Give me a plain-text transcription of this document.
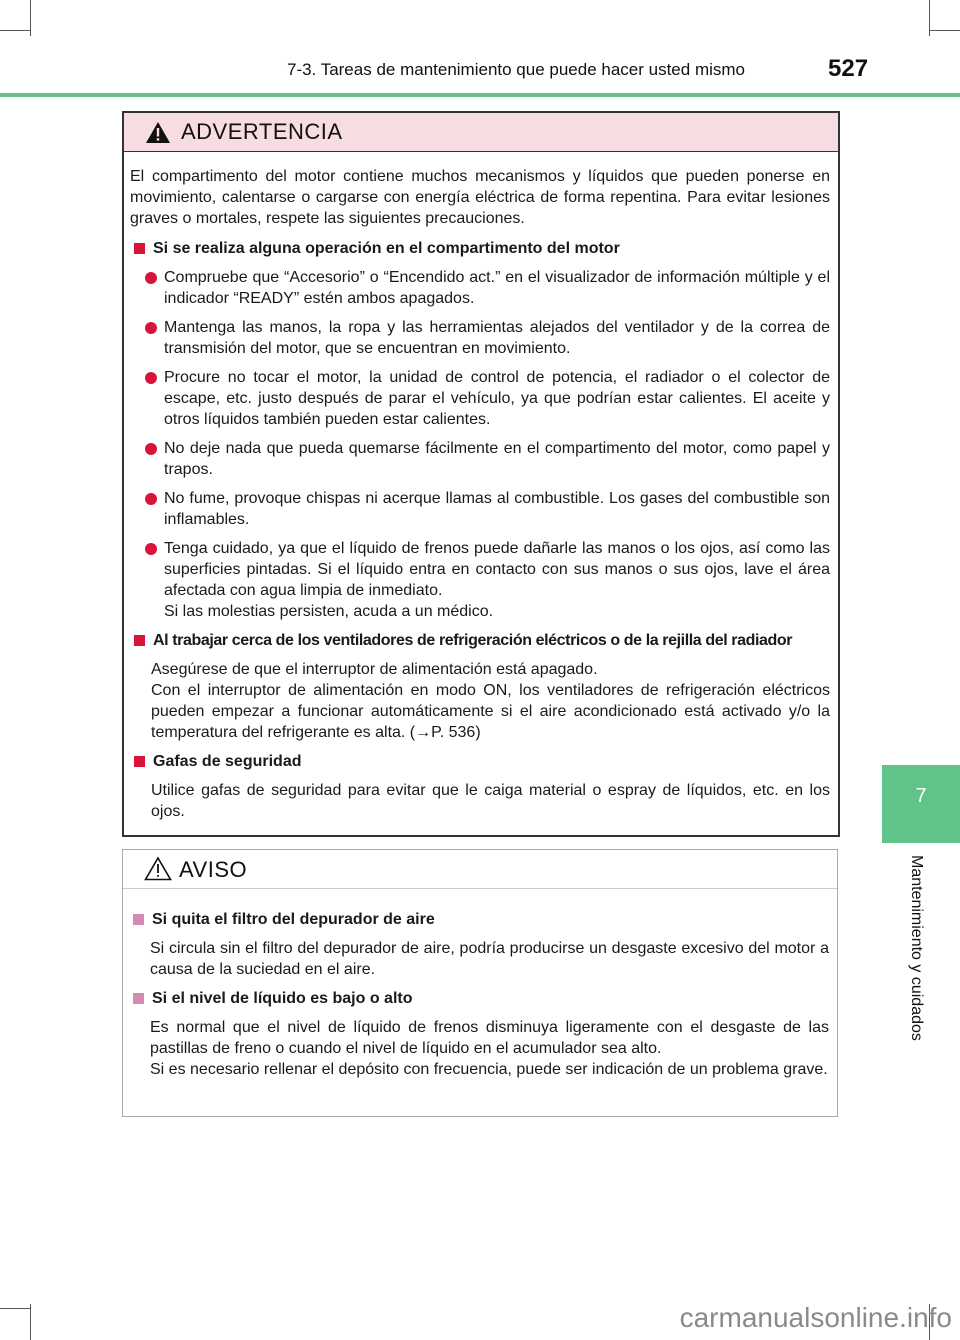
7-3. Tareas de mantenimiento que puede hacer usted mismo	527
7
Mantenimiento y cuidados
ADVERTENCIA

El compartimento del motor contiene muchos mecanismos y líquidos que pueden ponerse en movimiento, calentarse o cargarse con energía eléctrica de forma repentina. Para evitar lesiones graves o mortales, respete las siguientes precauciones.

Si se realiza alguna operación en el compartimento del motor
Compruebe que “Accesorio” o “Encendido act.” en el visualizador de información múltiple y el indicador “READY” estén ambos apagados.
Mantenga las manos, la ropa y las herramientas alejados del ventilador y de la correa de transmisión del motor, que se encuentran en movimiento.
Procure no tocar el motor, la unidad de control de potencia, el radiador o el colector de escape, etc. justo después de parar el vehículo, ya que podrían estar calientes. El aceite y otros líquidos también pueden estar calientes.
No deje nada que pueda quemarse fácilmente en el compartimento del motor, como papel y trapos.
No fume, provoque chispas ni acerque llamas al combustible. Los gases del combustible son inflamables.
Tenga cuidado, ya que el líquido de frenos puede dañarle las manos o los ojos, así como las superficies pintadas. Si el líquido entra en contacto con sus manos o sus ojos, lave el área afectada con agua limpia de inmediato.
Si las molestias persisten, acuda a un médico.
Al trabajar cerca de los ventiladores de refrigeración eléctricos o de la rejilla del radiador
Asegúrese de que el interruptor de alimentación está apagado.
Con el interruptor de alimentación en modo ON, los ventiladores de refrigeración eléctricos pueden empezar a funcionar automáticamente si el aire acondicionado está activado y/o la temperatura del refrigerante es alta. (→P. 536)
Gafas de seguridad
Utilice gafas de seguridad para evitar que le caiga material o espray de líquidos, etc. en los ojos.
AVISO
Si quita el filtro del depurador de aire
Si circula sin el filtro del depurador de aire, podría producirse un desgaste excesivo del motor a causa de la suciedad en el aire.
Si el nivel de líquido es bajo o alto
Es normal que el nivel de líquido de frenos disminuya ligeramente con el desgaste de las pastillas de freno o cuando el nivel de líquido en el acumulador sea alto.
Si es necesario rellenar el depósito con frecuencia, puede ser indicación de un problema grave.
carmanualsonline.info
